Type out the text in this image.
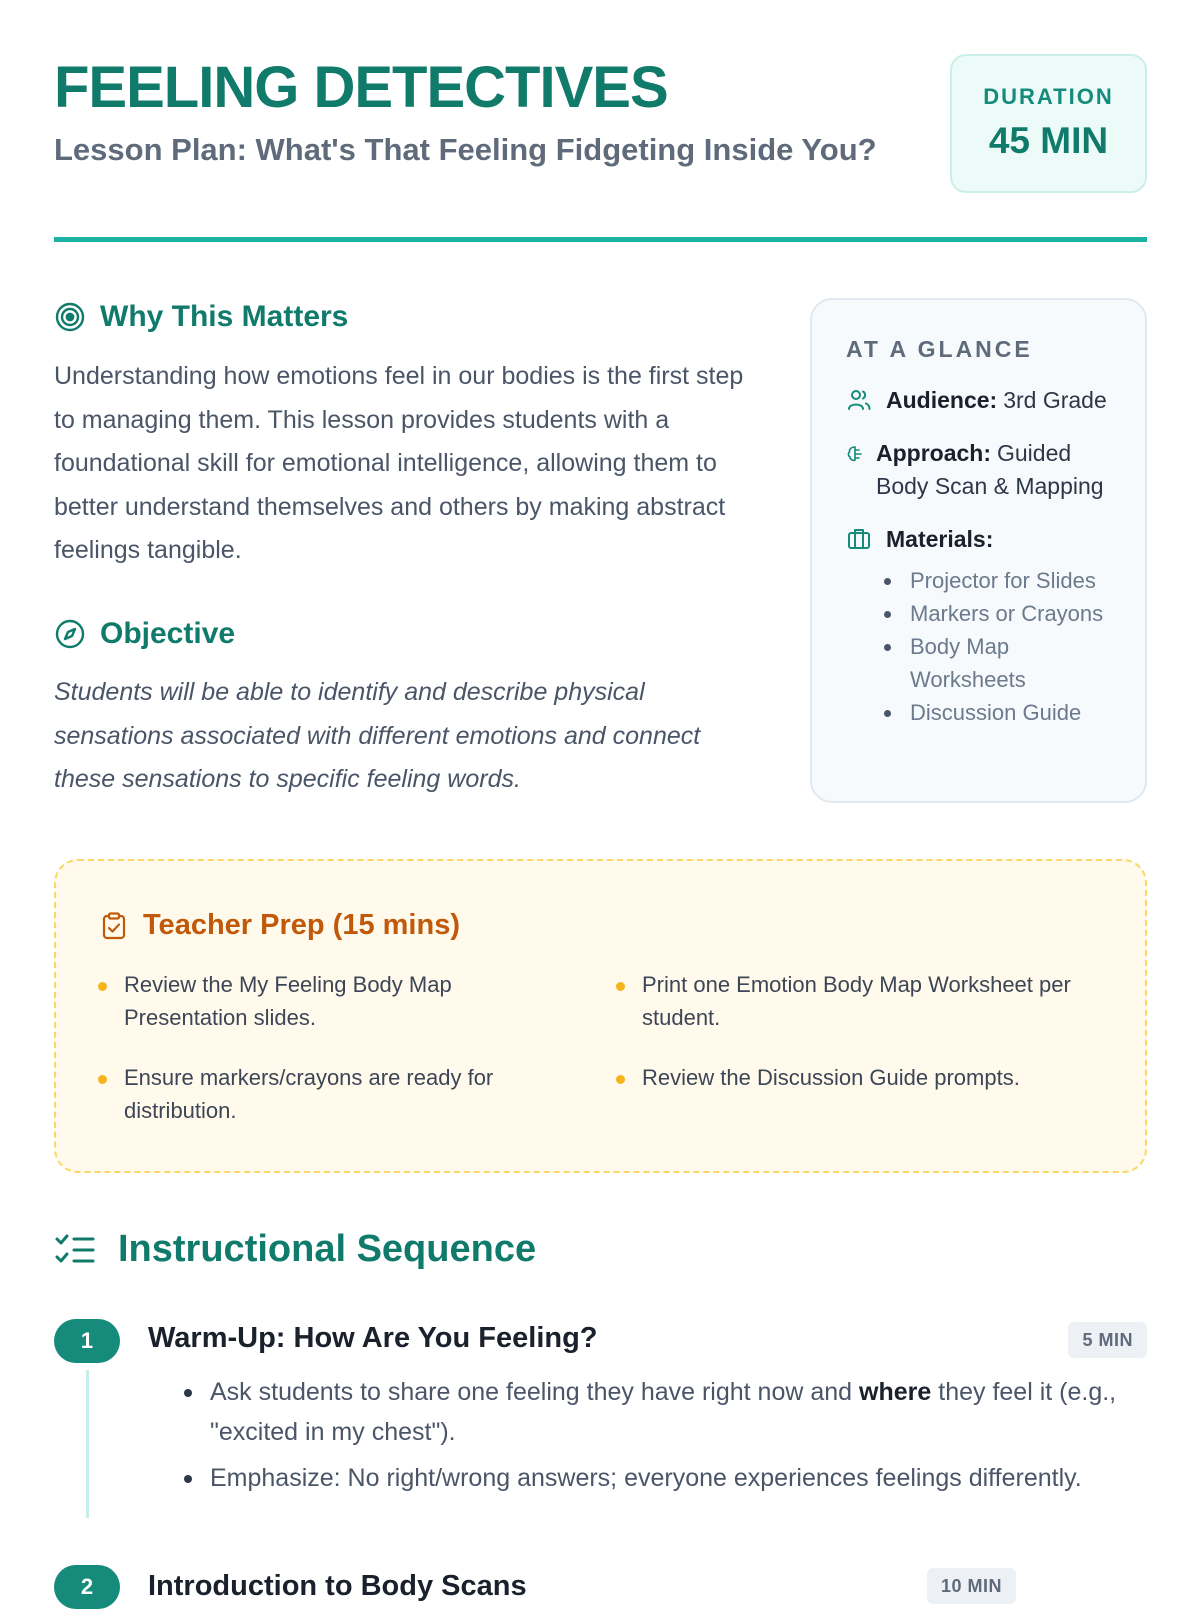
FEELING DETECTIVES
Lesson Plan: What's That Feeling Fidgeting Inside You?
DURATION
45 MIN
Why This Matters

Understanding how emotions feel in our bodies is the first step to managing them. This lesson provides students with a foundational skill for emotional intelligence, allowing them to better understand themselves and others by making abstract feelings tangible.

Objective

Students will be able to identify and describe physical sensations associated with different emotions and connect these sensations to specific feeling words.

AT A GLANCE
Audience: 3rd Grade
Approach: Guided Body Scan & Mapping
Materials:
Projector for Slides
Markers or Crayons
Body Map Worksheets
Discussion Guide
Teacher Prep (15 mins)
Review the My Feeling Body Map Presentation slides.
Print one Emotion Body Map Worksheet per student.
Ensure markers/crayons are ready for distribution.
Review the Discussion Guide prompts.
Instructional Sequence
1	Warm-Up: How Are You Feeling?	5 MIN
Ask students to share one feeling they have right now and where they feel it (e.g., "excited in my chest").
Emphasize: No right/wrong answers; everyone experiences feelings differently.
2	Introduction to Body Scans	10 MIN
